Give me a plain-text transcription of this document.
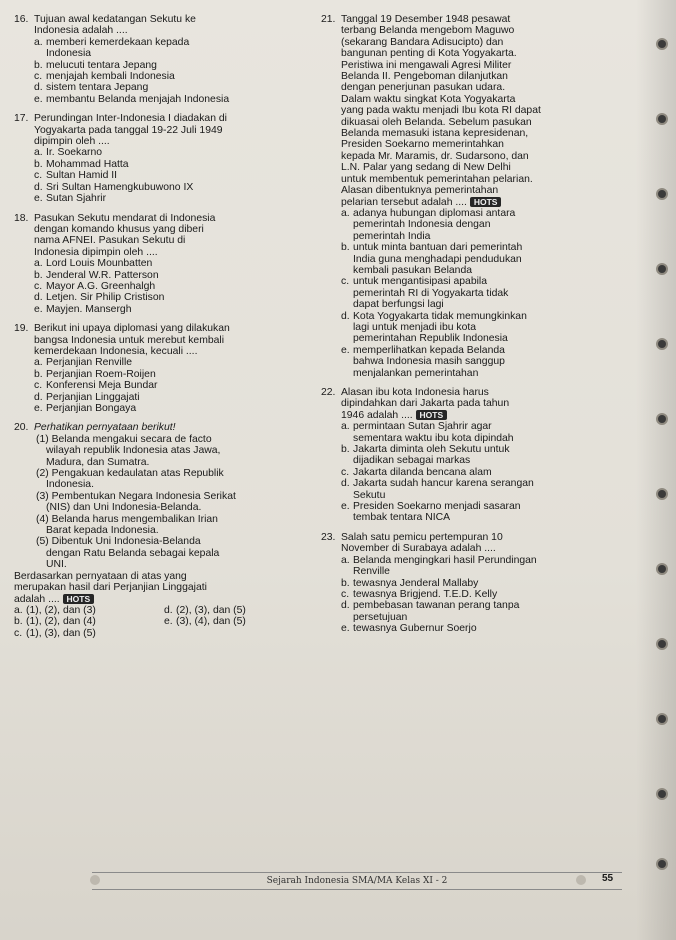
16. Tujuan awal kedatangan Sekutu ke
Indonesia adalah ....
a. memberi kemerdekaan kepada
Indonesia
b. melucuti tentara Jepang
c. menjajah kembali Indonesia
d. sistem tentara Jepang
e. membantu Belanda menjajah Indonesia
17. Perundingan Inter-Indonesia I diadakan di
Yogyakarta pada tanggal 19-22 Juli 1949
dipimpin oleh ....
a. Ir. Soekarno
b. Mohammad Hatta
c. Sultan Hamid II
d. Sri Sultan Hamengkubuwono IX
e. Sutan Sjahrir
18. Pasukan Sekutu mendarat di Indonesia
dengan komando khusus yang diberi
nama AFNEI. Pasukan Sekutu di
Indonesia dipimpin oleh ....
a. Lord Louis Mounbatten
b. Jenderal W.R. Patterson
c. Mayor A.G. Greenhalgh
d. Letjen. Sir Philip Cristison
e. Mayjen. Mansergh
19. Berikut ini upaya diplomasi yang dilakukan
bangsa Indonesia untuk merebut kembali
kemerdekaan Indonesia, kecuali ....
a. Perjanjian Renville
b. Perjanjian Roem-Roijen
c. Konferensi Meja Bundar
d. Perjanjian Linggajati
e. Perjanjian Bongaya
20. Perhatikan pernyataan berikut!
(1) Belanda mengakui secara de facto
wilayah republik Indonesia atas Jawa,
Madura, dan Sumatra.
(2) Pengakuan kedaulatan atas Republik
Indonesia.
(3) Pembentukan Negara Indonesia Serikat
(NIS) dan Uni Indonesia-Belanda.
(4) Belanda harus mengembalikan Irian
Barat kepada Indonesia.
(5) Dibentuk Uni Indonesia-Belanda
dengan Ratu Belanda sebagai kepala
UNI.
Berdasarkan pernyataan di atas yang
merupakan hasil dari Perjanjian Linggajati
adalah .... HOTS
a. (1), (2), dan (3)	d. (2), (3), dan (5)
b. (1), (2), dan (4)	e. (3), (4), dan (5)
c. (1), (3), dan (5)
21. Tanggal 19 Desember 1948 pesawat
terbang Belanda mengebom Maguwo
(sekarang Bandara Adisucipto) dan
bangunan penting di Kota Yogyakarta.
Peristiwa ini mengawali Agresi Militer
Belanda II. Pengeboman dilanjutkan
dengan penerjunan pasukan udara.
Dalam waktu singkat Kota Yogyakarta
yang pada waktu menjadi Ibu kota RI dapat
dikuasai oleh Belanda. Sebelum pasukan
Belanda memasuki istana kepresidenan,
Presiden Soekarno memerintahkan
kepada Mr. Maramis, dr. Sudarsono, dan
L.N. Palar yang sedang di New Delhi
untuk membentuk pemerintahan pelarian.
Alasan dibentuknya pemerintahan
pelarian tersebut adalah .... HOTS
a. adanya hubungan diplomasi antara
pemerintah Indonesia dengan
pemerintah India
b. untuk minta bantuan dari pemerintah
India guna menghadapi pendudukan
kembali pasukan Belanda
c. untuk mengantisipasi apabila
pemerintah RI di Yogyakarta tidak
dapat berfungsi lagi
d. Kota Yogyakarta tidak memungkinkan
lagi untuk menjadi ibu kota
pemerintahan Republik Indonesia
e. memperlihatkan kepada Belanda
bahwa Indonesia masih sanggup
menjalankan pemerintahan
22. Alasan ibu kota Indonesia harus
dipindahkan dari Jakarta pada tahun
1946 adalah .... HOTS
a. permintaan Sutan Sjahrir agar
sementara waktu ibu kota dipindah
b. Jakarta diminta oleh Sekutu untuk
dijadikan sebagai markas
c. Jakarta dilanda bencana alam
d. Jakarta sudah hancur karena serangan
Sekutu
e. Presiden Soekarno menjadi sasaran
tembak tentara NICA
23. Salah satu pemicu pertempuran 10
November di Surabaya adalah ....
a. Belanda mengingkari hasil Perundingan
Renville
b. tewasnya Jenderal Mallaby
c. tewasnya Brigjend. T.E.D. Kelly
d. pembebasan tawanan perang tanpa
persetujuan
e. tewasnya Gubernur Soerjo
Sejarah Indonesia SMA/MA Kelas XI - 2	55
